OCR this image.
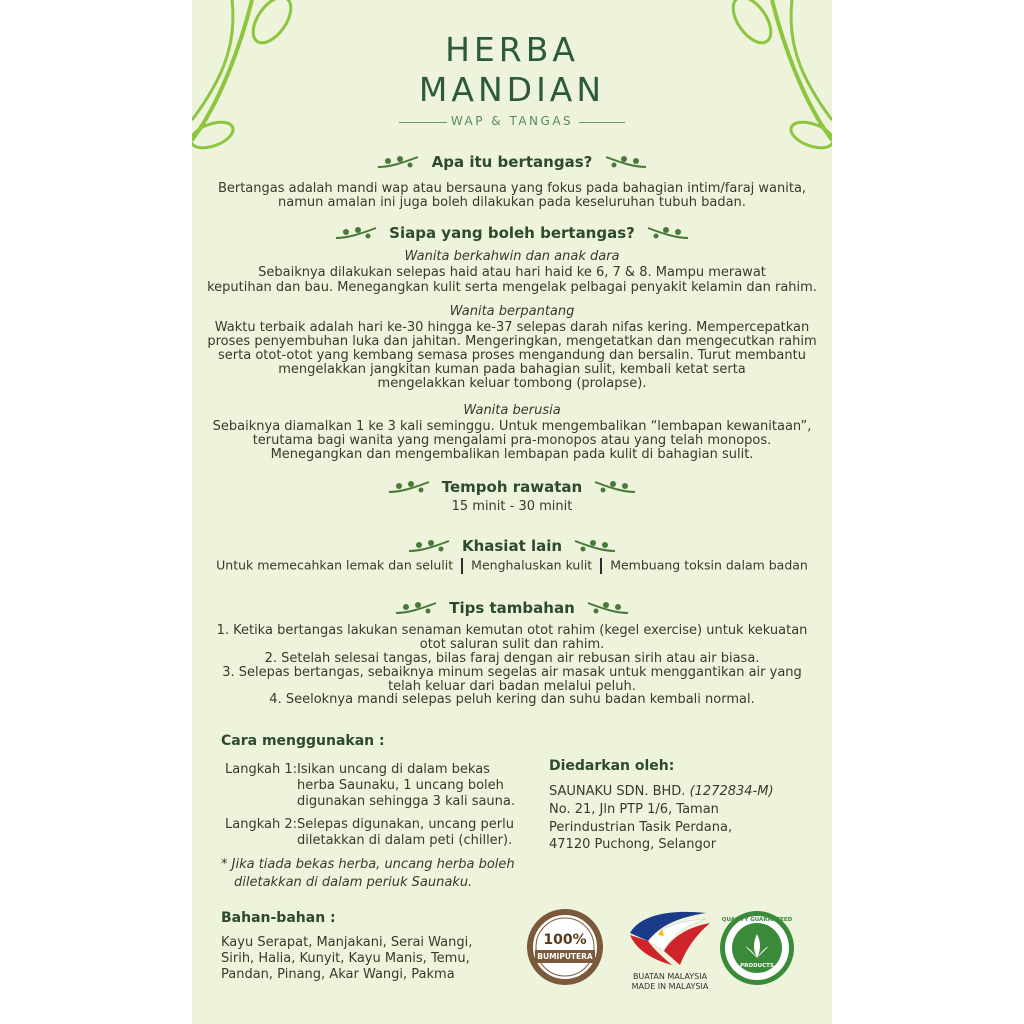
HERBA
MANDIAN
WAP & TANGAS
Apa itu bertangas?
Bertangas adalah mandi wap atau bersauna yang fokus pada bahagian intim/faraj wanita,
namun amalan ini juga boleh dilakukan pada keseluruhan tubuh badan.
Siapa yang boleh bertangas?
Wanita berkahwin dan anak dara
Sebaiknya dilakukan selepas haid atau hari haid ke 6, 7 & 8. Mampu merawat
keputihan dan bau. Menegangkan kulit serta mengelak pelbagai penyakit kelamin dan rahim.
Wanita berpantang
Waktu terbaik adalah hari ke-30 hingga ke-37 selepas darah nifas kering. Mempercepatkan
proses penyembuhan luka dan jahitan. Mengeringkan, mengetatkan dan mengecutkan rahim
serta otot-otot yang kembang semasa proses mengandung dan bersalin. Turut membantu
mengelakkan jangkitan kuman pada bahagian sulit, kembali ketat serta
mengelakkan keluar tombong (prolapse).
Wanita berusia
Sebaiknya diamalkan 1 ke 3 kali seminggu. Untuk mengembalikan “lembapan kewanitaan”,
terutama bagi wanita yang mengalami pra-monopos atau yang telah monopos.
Menegangkan dan mengembalikan lembapan pada kulit di bahagian sulit.
Tempoh rawatan
15 minit - 30 minit
Khasiat lain
Untuk memecahkan lemak dan selulit Menghaluskan kulit Membuang toksin dalam badan
Tips tambahan
1. Ketika bertangas lakukan senaman kemutan otot rahim (kegel exercise) untuk kekuatan
otot saluran sulit dan rahim.
2. Setelah selesai tangas, bilas faraj dengan air rebusan sirih atau air biasa.
3. Selepas bertangas, sebaiknya minum segelas air masak untuk menggantikan air yang
telah keluar dari badan melalui peluh.
4. Seeloknya mandi selepas peluh kering dan suhu badan kembali normal.
Cara menggunakan :
Langkah 1: Isikan uncang di dalam bekas
herba Saunaku, 1 uncang boleh
digunakan sehingga 3 kali sauna.
Langkah 2: Selepas digunakan, uncang perlu
diletakkan di dalam peti (chiller).
* Jika tiada bekas herba, uncang herba boleh
diletakkan di dalam periuk Saunaku.
Diedarkan oleh:
SAUNAKU SDN. BHD. (1272834-M)
No. 21, Jln PTP 1/6, Taman
Perindustrian Tasik Perdana,
47120 Puchong, Selangor
Bahan-bahan :
Kayu Serapat, Manjakani, Serai Wangi,
Sirih, Halia, Kunyit, Kayu Manis, Temu,
Pandan, Pinang, Akar Wangi, Pakma
100%
BUMIPUTERA
BUATAN MALAYSIA
MADE IN MALAYSIA
QUALITY GUARANTEED
PRODUCTS
